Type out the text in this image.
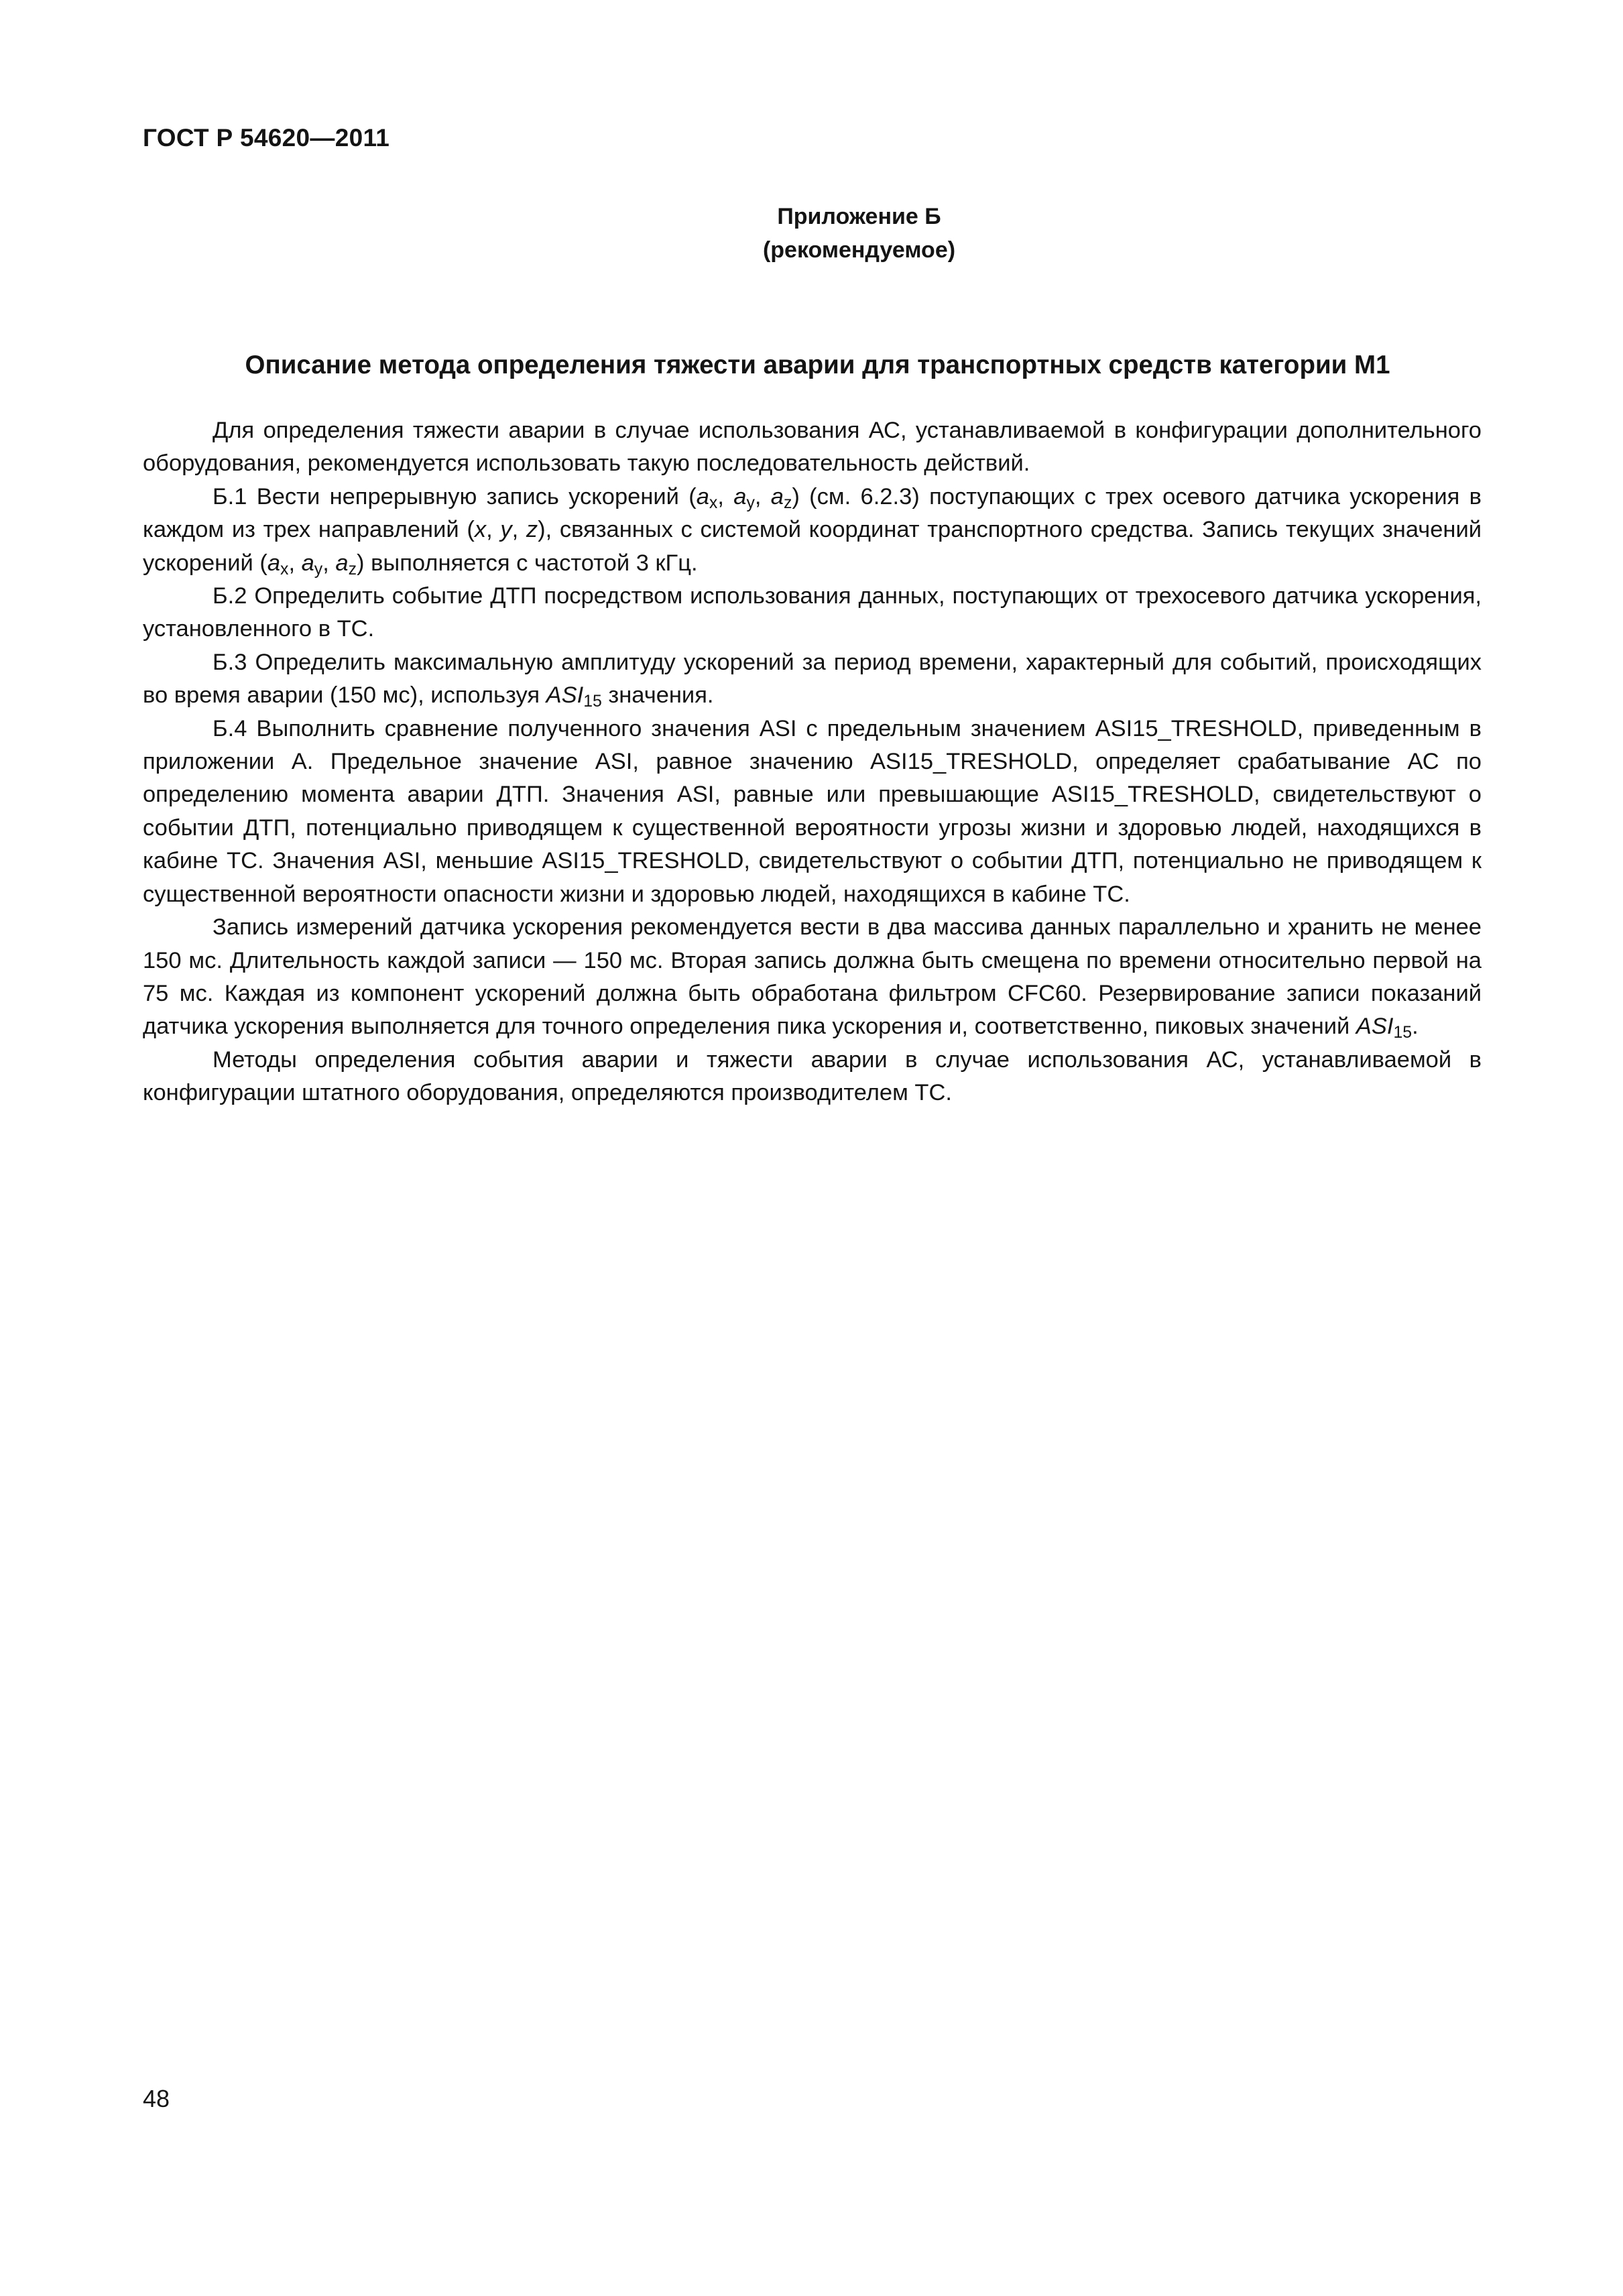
ГОСТ Р 54620—2011
Приложение Б
(рекомендуемое)
Описание метода определения тяжести аварии для транспортных средств категории М1

Для определения тяжести аварии в случае использования АС, устанавливаемой в конфигурации дополнительного оборудования, рекомендуется использовать такую последовательность действий.

Б.1 Вести непрерывную запись ускорений ($a_x$, $a_y$, $a_z$) (см. 6.2.3) поступающих с трех осевого датчика ускорения в каждом из трех направлений (x, y, z), связанных с системой координат транспортного средства. Запись текущих значений ускорений ($a_x$, $a_y$, $a_z$) выполняется с частотой 3 кГц.

Б.2 Определить событие ДТП посредством использования данных, поступающих от трехосевого датчика ускорения, установленного в ТС.

Б.3 Определить максимальную амплитуду ускорений за период времени, характерный для событий, происходящих во время аварии (150 мс), используя $ASI_{15}$ значения.

Б.4 Выполнить сравнение полученного значения ASI с предельным значением ASI15_TRESHOLD, приведенным в приложении А. Предельное значение ASI, равное значению ASI15_TRESHOLD, определяет срабатывание АС по определению момента аварии ДТП. Значения ASI, равные или превышающие ASI15_TRESHOLD, свидетельствуют о событии ДТП, потенциально приводящем к существенной вероятности угрозы жизни и здоровью людей, находящихся в кабине ТС. Значения ASI, меньшие ASI15_TRESHOLD, свидетельствуют о событии ДТП, потенциально не приводящем к существенной вероятности опасности жизни и здоровью людей, находящихся в кабине ТС.

Запись измерений датчика ускорения рекомендуется вести в два массива данных параллельно и хранить не менее 150 мс. Длительность каждой записи — 150 мс. Вторая запись должна быть смещена по времени относительно первой на 75 мс. Каждая из компонент ускорений должна быть обработана фильтром CFC60. Резервирование записи показаний датчика ускорения выполняется для точного определения пика ускорения и, соответственно, пиковых значений $ASI_{15}$.

Методы определения события аварии и тяжести аварии в случае использования АС, устанавливаемой в конфигурации штатного оборудования, определяются производителем ТС.

48
